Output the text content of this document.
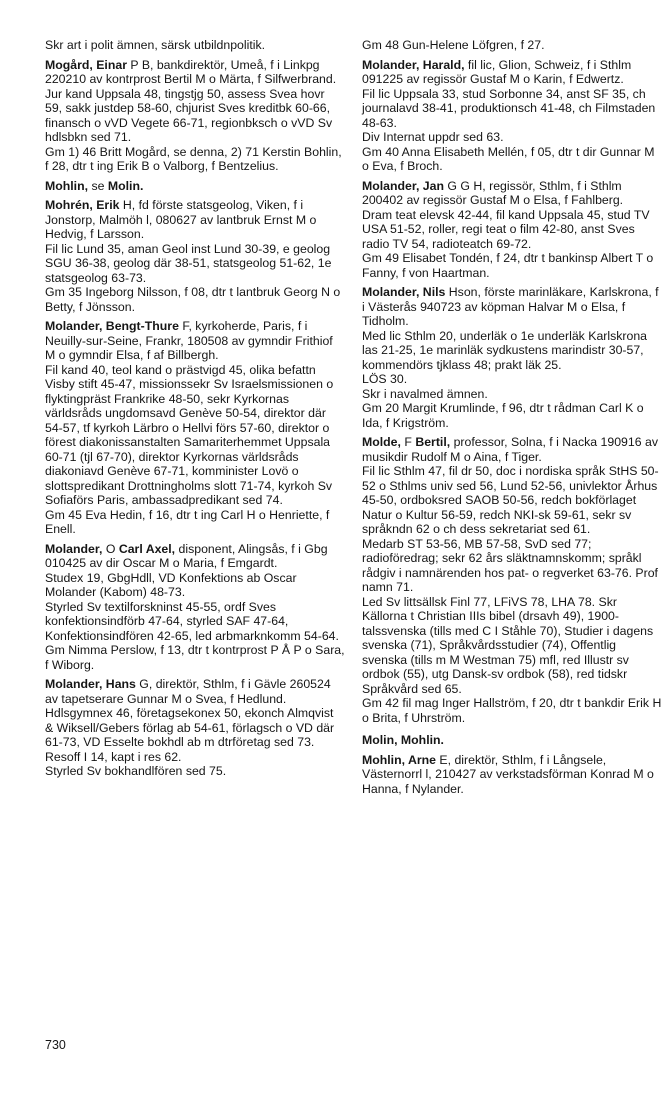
Skr art i polit ämnen, särsk utbildnpolitik.

Mogård, Einar P B, bankdirektör, Umeå, f i Linkpg 220210 av kontrprost Bertil M o Märta, f Silfwerbrand.

Jur kand Uppsala 48, tingstjg 50, assess Svea hovr 59, sakk justdep 58-60, chjurist Sves kreditbk 60-66, finansch o vVD Vegete 66-71, regionbksch o vVD Sv hdlsbkn sed 71.

Gm 1) 46 Britt Mogård, se denna, 2) 71 Kerstin Bohlin, f 28, dtr t ing Erik B o Valborg, f Bentzelius.

Mohlin, se Molin.

Mohrén, Erik H, fd förste statsgeolog, Viken, f i Jonstorp, Malmöh l, 080627 av lantbruk Ernst M o Hedvig, f Larsson.

Fil lic Lund 35, aman Geol inst Lund 30-39, e geolog SGU 36-38, geolog där 38-51, statsgeolog 51-62, 1e statsgeolog 63-73.

Gm 35 Ingeborg Nilsson, f 08, dtr t lantbruk Georg N o Betty, f Jönsson.

Molander, Bengt-Thure F, kyrkoherde, Paris, f i Neuilly-sur-Seine, Frankr, 180508 av gymndir Frithiof M o gymndir Elsa, f af Billbergh.

Fil kand 40, teol kand o prästvigd 45, olika befattn Visby stift 45-47, missionssekr Sv Israelsmissionen o flyktingpräst Frankrike 48-50, sekr Kyrkornas världsråds ungdomsavd Genève 50-54, direktor där 54-57, tf kyrkoh Lärbro o Hellvi förs 57-60, direktor o förest diakonissanstalten Samariterhemmet Uppsala 60-71 (tjl 67-70), direktor Kyrkornas världsråds diakoniavd Genève 67-71, komminister Lovö o slottspredikant Drottningholms slott 71-74, kyrkoh Sv Sofiaförs Paris, ambassadpredikant sed 74.

Gm 45 Eva Hedin, f 16, dtr t ing Carl H o Henriette, f Enell.

Molander, O Carl Axel, disponent, Alingsås, f i Gbg 010425 av dir Oscar M o Maria, f Emgardt.

Studex 19, GbgHdll, VD Konfektions ab Oscar Molander (Kabom) 48-73.

Styrled Sv textilforskninst 45-55, ordf Sves konfektionsindförb 47-64, styrled SAF 47-64, Konfektionsindfören 42-65, led arbmarknkomm 54-64.

Gm Nimma Perslow, f 13, dtr t kontrprost P Å P o Sara, f Wiborg.

Molander, Hans G, direktör, Sthlm, f i Gävle 260524 av tapetserare Gunnar M o Svea, f Hedlund.

Hdlsgymnex 46, företagsekonex 50, ekonch Almqvist & Wiksell/Gebers förlag ab 54-61, förlagsch o VD där 61-73, VD Esselte bokhdl ab m dtrföretag sed 73. Resoff I 14, kapt i res 62.

Styrled Sv bokhandlfören sed 75.

Gm 48 Gun-Helene Löfgren, f 27.

Molander, Harald, fil lic, Glion, Schweiz, f i Sthlm 091225 av regissör Gustaf M o Karin, f Edwertz.

Fil lic Uppsala 33, stud Sorbonne 34, anst SF 35, ch journalavd 38-41, produktionsch 41-48, ch Filmstaden 48-63.

Div Internat uppdr sed 63.

Gm 40 Anna Elisabeth Mellén, f 05, dtr t dir Gunnar M o Eva, f Broch.

Molander, Jan G G H, regissör, Sthlm, f i Sthlm 200402 av regissör Gustaf M o Elsa, f Fahlberg.

Dram teat elevsk 42-44, fil kand Uppsala 45, stud TV USA 51-52, roller, regi teat o film 42-80, anst Sves radio TV 54, radioteatch 69-72.

Gm 49 Elisabet Tondén, f 24, dtr t bankinsp Albert T o Fanny, f von Haartman.

Molander, Nils Hson, förste marinläkare, Karlskrona, f i Västerås 940723 av köpman Halvar M o Elsa, f Tidholm.

Med lic Sthlm 20, underläk o 1e underläk Karlskrona las 21-25, 1e marinläk sydkustens marindistr 30-57, kommendörs tjklass 48; prakt läk 25.

LÖS 30.

Skr i navalmed ämnen.

Gm 20 Margit Krumlinde, f 96, dtr t rådman Carl K o Ida, f Krigström.

Molde, F Bertil, professor, Solna, f i Nacka 190916 av musikdir Rudolf M o Aina, f Tiger.

Fil lic Sthlm 47, fil dr 50, doc i nordiska språk StHS 50-52 o Sthlms univ sed 56, Lund 52-56, univlektor Århus 45-50, ordboksred SAOB 50-56, redch bokförlaget Natur o Kultur 56-59, redch NKI-sk 59-61, sekr sv språkndn 62 o ch dess sekretariat sed 61.

Medarb ST 53-56, MB 57-58, SvD sed 77; radioföredrag; sekr 62 års släktnamnskomm; språkl rådgiv i namnärenden hos pat- o regverket 63-76. Prof namn 71.

Led Sv littsällsk Finl 77, LFiVS 78, LHA 78. Skr Källorna t Christian IIIs bibel (drsavh 49), 1900-talssvenska (tills med C I Ståhle 70), Studier i dagens svenska (71), Språkvårdsstudier (74), Offentlig svenska (tills m M Westman 75) mfl, red Illustr sv ordbok (55), utg Dansk-sv ordbok (58), red tidskr Språkvård sed 65.

Gm 42 fil mag Inger Hallström, f 20, dtr t bankdir Erik H o Brita, f Uhrström.

Molin, Mohlin.

Mohlin, Arne E, direktör, Sthlm, f i Långsele, Västernorrl l, 210427 av verkstadsförman Konrad M o Hanna, f Nylander.

730
